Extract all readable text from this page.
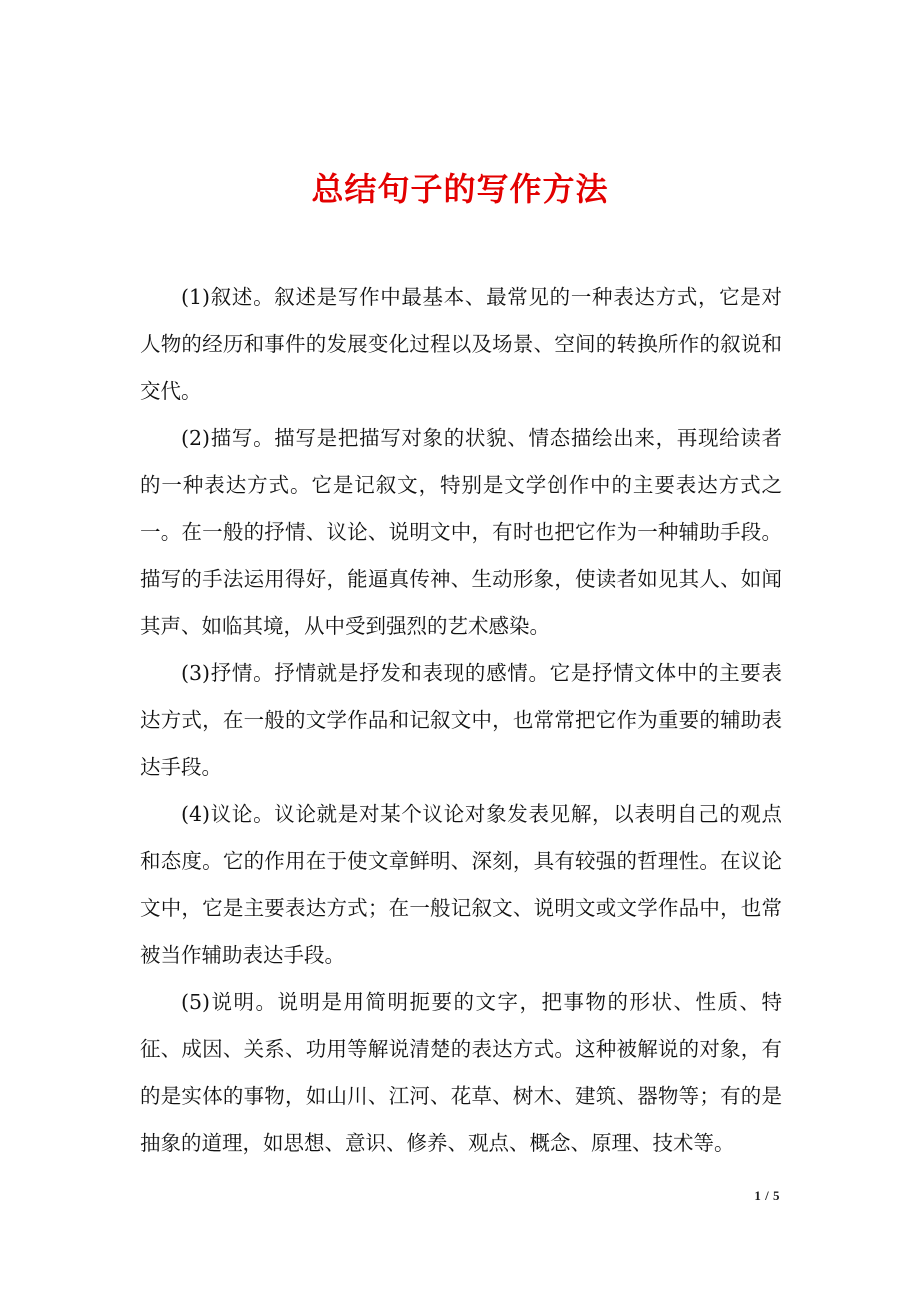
总结句子的写作方法

(1)叙述。叙述是写作中最基本、最常见的一种表达方式，它是对人物的经历和事件的发展变化过程以及场景、空间的转换所作的叙说和交代。

(2)描写。描写是把描写对象的状貌、情态描绘出来，再现给读者的一种表达方式。它是记叙文，特别是文学创作中的主要表达方式之一。在一般的抒情、议论、说明文中，有时也把它作为一种辅助手段。描写的手法运用得好，能逼真传神、生动形象，使读者如见其人、如闻其声、如临其境，从中受到强烈的艺术感染。

(3)抒情。抒情就是抒发和表现的感情。它是抒情文体中的主要表达方式，在一般的文学作品和记叙文中，也常常把它作为重要的辅助表达手段。

(4)议论。议论就是对某个议论对象发表见解，以表明自己的观点和态度。它的作用在于使文章鲜明、深刻，具有较强的哲理性。在议论文中，它是主要表达方式；在一般记叙文、说明文或文学作品中，也常被当作辅助表达手段。

(5)说明。说明是用简明扼要的文字，把事物的形状、性质、特征、成因、关系、功用等解说清楚的表达方式。这种被解说的对象，有的是实体的事物，如山川、江河、花草、树木、建筑、器物等；有的是抽象的道理，如思想、意识、修养、观点、概念、原理、技术等。

1 / 5
